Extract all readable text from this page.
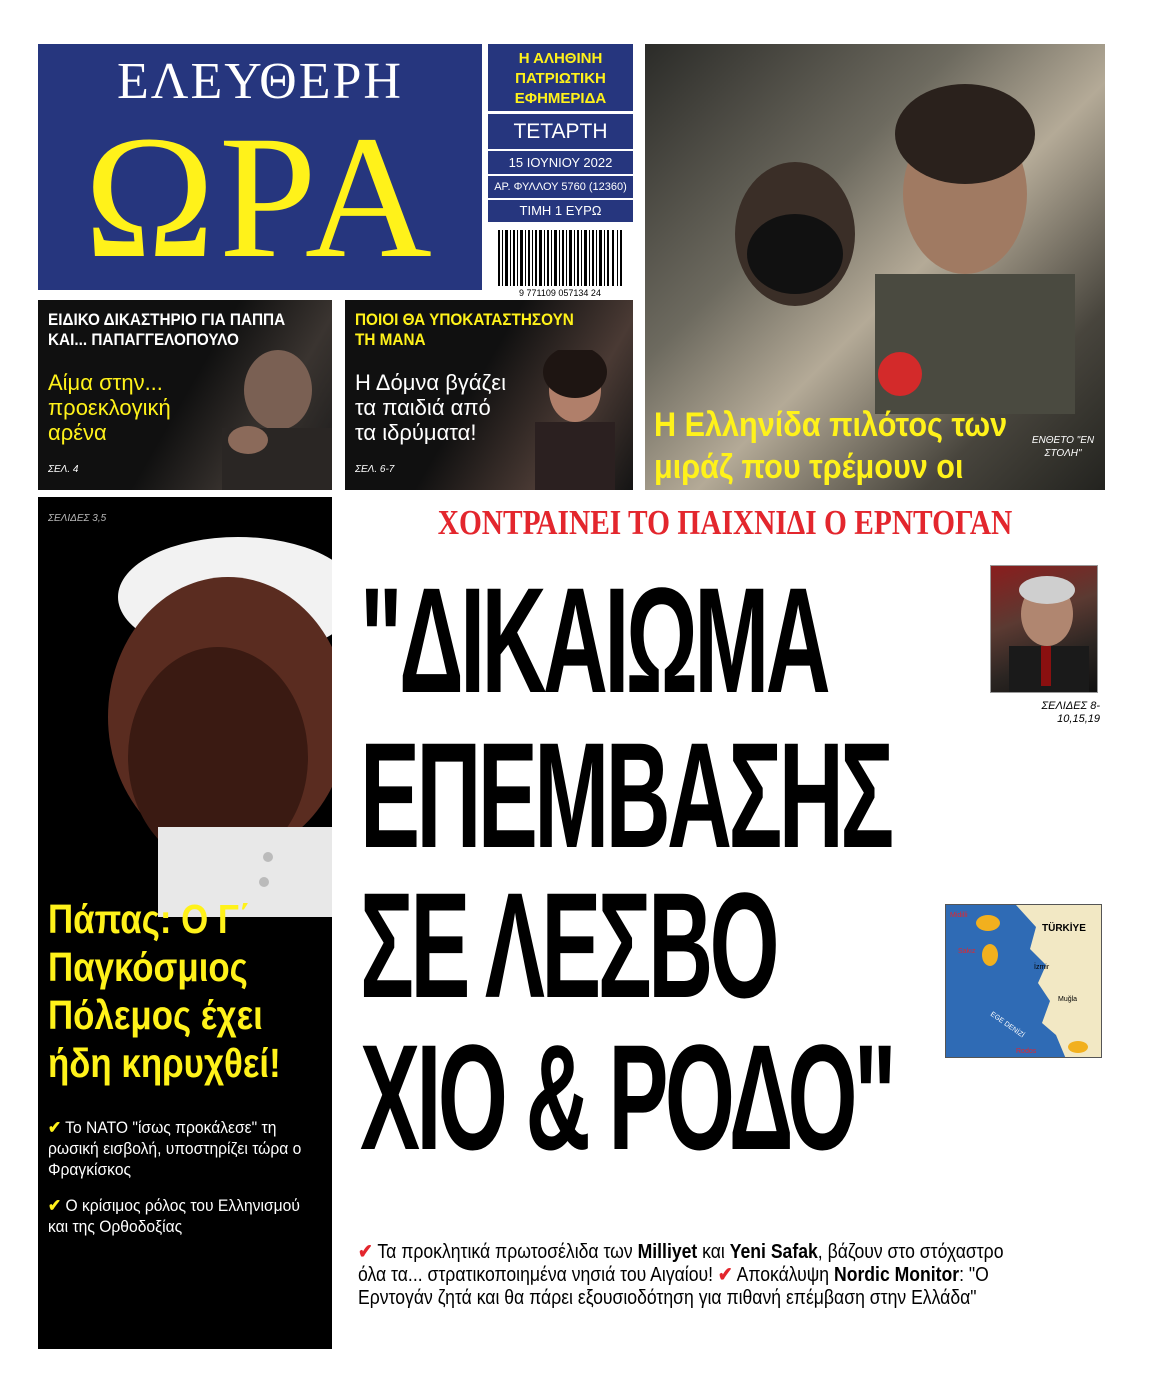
ΕΛΕΥΘΕΡΗ
ΩΡΑ
Η ΑΛΗΘΙΝΗ ΠΑΤΡΙΩΤΙΚΗ ΕΦΗΜΕΡΙΔΑ
ΤΕΤΑΡΤΗ
15 ΙΟΥΝΙΟΥ 2022
ΑΡ. ΦΥΛΛΟΥ 5760 (12360)
ΤΙΜΗ 1 ΕΥΡΩ
9 771109 057134 24
Η Ελληνίδα πιλότος των μιράζ που τρέμουν οι
ΕΝΘΕΤΟ "ΕΝ ΣΤΟΛΗ"
ΕΙΔΙΚΟ ΔΙΚΑΣΤΗΡΙΟ ΓΙΑ ΠΑΠΠΑ ΚΑΙ... ΠΑΠΑΓΓΕΛΟΠΟΥΛΟ
Αίμα στην... προεκλογική αρένα
ΣΕΛ. 4
ΠΟΙΟΙ ΘΑ ΥΠΟΚΑΤΑΣΤΗΣΟΥΝ ΤΗ ΜΑΝΑ
Η Δόμνα βγάζει τα παιδιά από τα ιδρύματα!
ΣΕΛ. 6-7
ΣΕΛΙΔΕΣ 3,5
Πάπας: Ο Γ΄ Παγκόσμιος Πόλεμος έχει ήδη κηρυχθεί!
✔ Το ΝΑΤΟ "ίσως προκάλεσε" τη ρωσική εισβολή, υποστηρίζει τώρα ο Φραγκίσκος
✔ Ο κρίσιμος ρόλος του Ελληνισμού και της Ορθοδοξίας
ΧΟΝΤΡΑΙΝΕΙ ΤΟ ΠΑΙΧΝΙΔΙ Ο ΕΡΝΤΟΓΑΝ
"ΔΙΚΑΙΩΜΑ
ΕΠΕΜΒΑΣΗΣ
ΣΕ ΛΕΣΒΟ
ΧΙΟ & ΡΟΔΟ"
ΣΕΛΙΔΕΣ 8-10,15,19
Midilli
Sakız
İzmir
TÜRKİYE
Muğla
Rodos
EGE DENİZİ
✔ Τα προκλητικά πρωτοσέλιδα των Milliyet και Yeni Safak, βάζουν στο στόχαστρο όλα τα... στρατικοποιημένα νησιά του Αιγαίου! ✔ Αποκάλυψη Nordic Monitor: "Ο Ερντογάν ζητά και θα πάρει εξουσιοδότηση για πιθανή επέμβαση στην Ελλάδα"
